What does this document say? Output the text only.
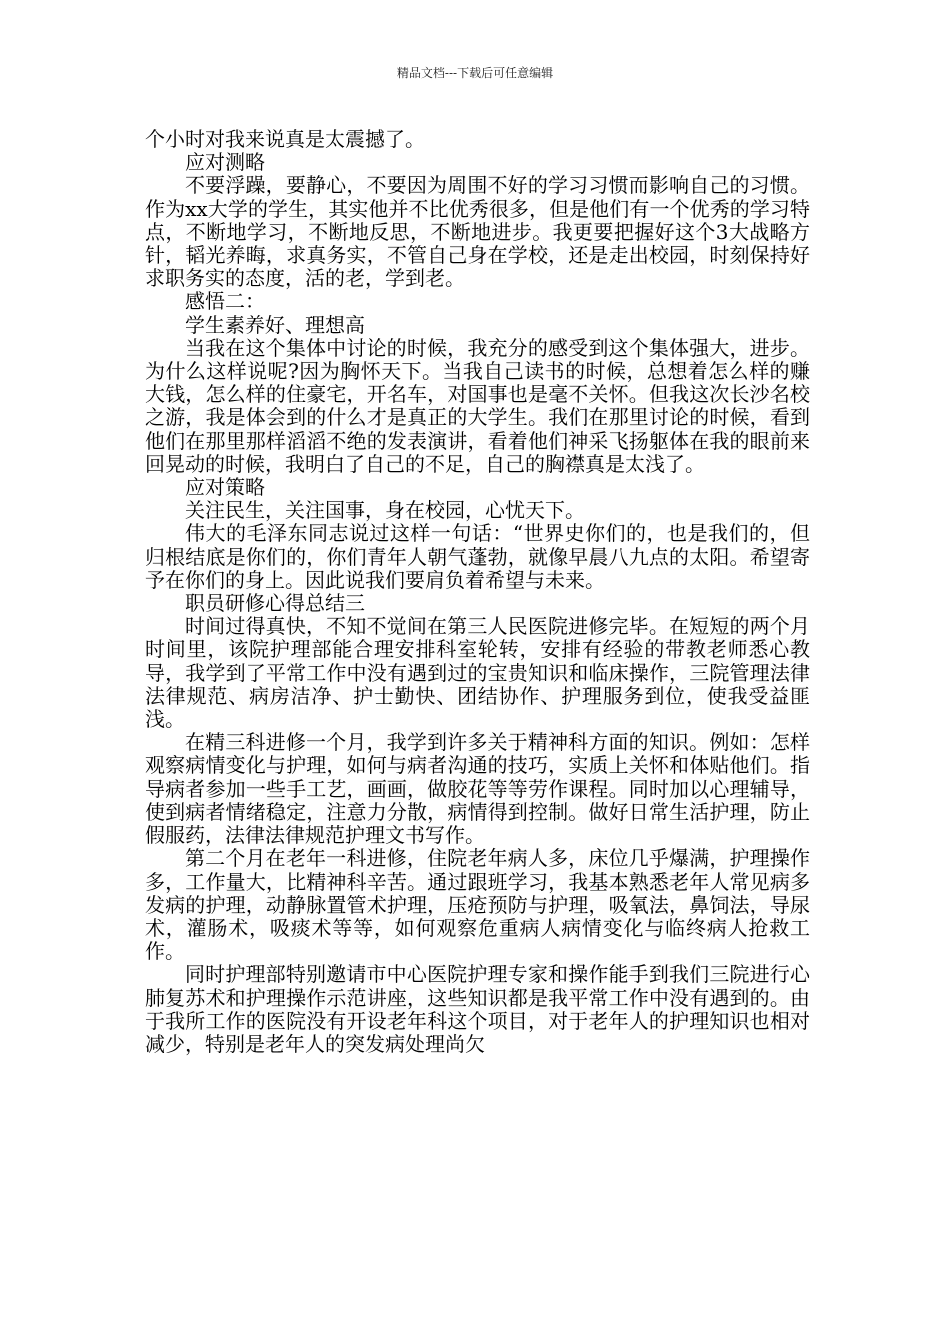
精品文档---下载后可任意编辑

个小时对我来说真是太震撼了。

应对测略

不要浮躁，要静心，不要因为周围不好的学习习惯而影响自己的习惯。作为xx大学的学生，其实他并不比优秀很多，但是他们有一个优秀的学习特点，不断地学习，不断地反思，不断地进步。我更要把握好这个3大战略方针，韬光养晦，求真务实，不管自己身在学校，还是走出校园，时刻保持好求职务实的态度，活的老，学到老。

感悟二：

学生素养好、理想高

当我在这个集体中讨论的时候，我充分的感受到这个集体强大，进步。为什么这样说呢?因为胸怀天下。当我自己读书的时候，总想着怎么样的赚大钱，怎么样的住豪宅，开名车，对国事也是毫不关怀。但我这次长沙名校之游，我是体会到的什么才是真正的大学生。我们在那里讨论的时候，看到他们在那里那样滔滔不绝的发表演讲，看着他们神采飞扬躯体在我的眼前来回晃动的时候，我明白了自己的不足，自己的胸襟真是太浅了。

应对策略

关注民生，关注国事，身在校园，心忧天下。

伟大的毛泽东同志说过这样一句话：“世界史你们的，也是我们的，但归根结底是你们的，你们青年人朝气蓬勃，就像早晨八九点的太阳。希望寄予在你们的身上。因此说我们要肩负着希望与未来。

职员研修心得总结三

时间过得真快，不知不觉间在第三人民医院进修完毕。在短短的两个月时间里，该院护理部能合理安排科室轮转，安排有经验的带教老师悉心教导，我学到了平常工作中没有遇到过的宝贵知识和临床操作，三院管理法律法律规范、病房洁净、护士勤快、团结协作、护理服务到位，使我受益匪浅。

在精三科进修一个月，我学到许多关于精神科方面的知识。例如：怎样观察病情变化与护理，如何与病者沟通的技巧，实质上关怀和体贴他们。指导病者参加一些手工艺，画画，做胶花等等劳作课程。同时加以心理辅导，使到病者情绪稳定，注意力分散，病情得到控制。做好日常生活护理，防止假服药，法律法律规范护理文书写作。

第二个月在老年一科进修，住院老年病人多，床位几乎爆满，护理操作多，工作量大，比精神科辛苦。通过跟班学习，我基本熟悉老年人常见病多发病的护理，动静脉置管术护理，压疮预防与护理，吸氧法，鼻饲法，导尿术，灌肠术，吸痰术等等，如何观察危重病人病情变化与临终病人抢救工作。

同时护理部特别邀请市中心医院护理专家和操作能手到我们三院进行心肺复苏术和护理操作示范讲座，这些知识都是我平常工作中没有遇到的。由于我所工作的医院没有开设老年科这个项目，对于老年人的护理知识也相对减少，特别是老年人的突发病处理尚欠
